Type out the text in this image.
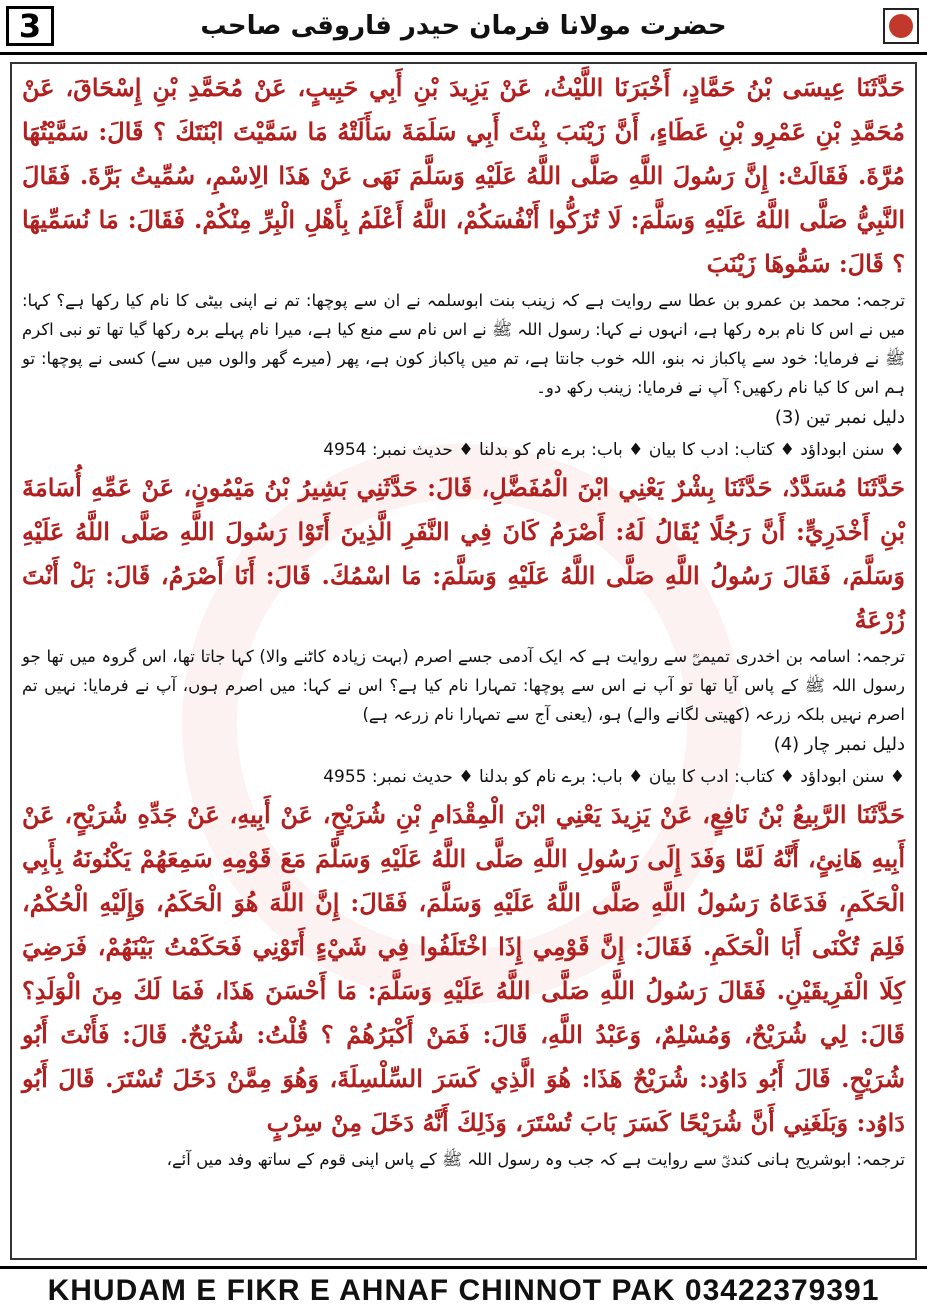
3	حضرت مولانا فرمان حیدر فاروقی صاحب

حَدَّثَنَا عِيسَى بْنُ حَمَّادٍ، أَخْبَرَنَا اللَّيْثُ، عَنْ يَزِيدَ بْنِ أَبِي حَبِيبٍ، عَنْ مُحَمَّدِ بْنِ إِسْحَاقَ، عَنْ مُحَمَّدِ بْنِ عَمْرِو بْنِ عَطَاءٍ، أَنَّ زَيْنَبَ بِنْتَ أَبِي سَلَمَةَ سَأَلَتْهُ مَا سَمَّيْتَ ابْنَتَكَ ؟ قَالَ: سَمَّيْتُهَا مُرَّةَ. فَقَالَتْ: إِنَّ رَسُولَ اللَّهِ صَلَّى اللَّهُ عَلَيْهِ وَسَلَّمَ نَهَى عَنْ هَذَا الِاسْمِ، سُمِّيتُ بَرَّةَ. فَقَالَ النَّبِيُّ صَلَّى اللَّهُ عَلَيْهِ وَسَلَّمَ: لَا تُزَكُّوا أَنْفُسَكُمْ، اللَّهُ أَعْلَمُ بِأَهْلِ الْبِرِّ مِنْكُمْ. فَقَالَ: مَا نُسَمِّيهَا ؟ قَالَ: سَمُّوهَا زَيْنَبَ

ترجمہ: محمد بن عمرو بن عطا سے روایت ہے کہ زینب بنت ابوسلمہ نے ان سے پوچھا: تم نے اپنی بیٹی کا نام کیا رکھا ہے؟ کہا: میں نے اس کا نام برہ رکھا ہے، انہوں نے کہا: رسول اللہ ﷺ نے اس نام سے منع کیا ہے، میرا نام پہلے برہ رکھا گیا تھا تو نبی اکرم ﷺ نے فرمایا: خود سے پاکباز نہ بنو، اللہ خوب جانتا ہے، تم میں پاکباز کون ہے، پھر (میرے گھر والوں میں سے) کسی نے پوچھا: تو ہم اس کا کیا نام رکھیں؟ آپ نے فرمایا: زینب رکھ دو۔

دلیل نمبر تین (3)

♦ سنن ابوداؤد ♦ کتاب: ادب کا بیان ♦ باب: برے نام کو بدلنا ♦ حدیث نمبر: 4954

حَدَّثَنَا مُسَدَّدٌ، حَدَّثَنَا بِشْرٌ يَعْنِي ابْنَ الْمُفَضَّلِ، قَالَ: حَدَّثَنِي بَشِيرُ بْنُ مَيْمُونٍ، عَنْ عَمِّهِ أُسَامَةَ بْنِ أَخْدَرِيٍّ: أَنَّ رَجُلًا يُقَالُ لَهُ: أَصْرَمُ كَانَ فِي النَّفَرِ الَّذِينَ أَتَوْا رَسُولَ اللَّهِ صَلَّى اللَّهُ عَلَيْهِ وَسَلَّمَ، فَقَالَ رَسُولُ اللَّهِ صَلَّى اللَّهُ عَلَيْهِ وَسَلَّمَ: مَا اسْمُكَ. قَالَ: أَنَا أَصْرَمُ، قَالَ: بَلْ أَنْتَ زُرْعَةُ

ترجمہ: اسامہ بن اخدری تمیمیؓ سے روایت ہے کہ ایک آدمی جسے اصرم (بہت زیادہ کاٹنے والا) کہا جاتا تھا، اس گروہ میں تھا جو رسول اللہ ﷺ کے پاس آیا تھا تو آپ نے اس سے پوچھا: تمہارا نام کیا ہے؟ اس نے کہا: میں اصرم ہوں، آپ نے فرمایا: نہیں تم اصرم نہیں بلکہ زرعہ (کھیتی لگانے والے) ہو، (یعنی آج سے تمہارا نام زرعہ ہے)

دلیل نمبر چار (4)

♦ سنن ابوداؤد ♦ کتاب: ادب کا بیان ♦ باب: برے نام کو بدلنا ♦ حدیث نمبر: 4955

حَدَّثَنَا الرَّبِيعُ بْنُ نَافِعٍ، عَنْ يَزِيدَ يَعْنِي ابْنَ الْمِقْدَامِ بْنِ شُرَيْحٍ، عَنْ أَبِيهِ، عَنْ جَدِّهِ شُرَيْحٍ، عَنْ أَبِيهِ هَانِئٍ، أَنَّهُ لَمَّا وَفَدَ إِلَى رَسُولِ اللَّهِ صَلَّى اللَّهُ عَلَيْهِ وَسَلَّمَ مَعَ قَوْمِهِ سَمِعَهُمْ يَكْنُونَهُ بِأَبِي الْحَكَمِ، فَدَعَاهُ رَسُولُ اللَّهِ صَلَّى اللَّهُ عَلَيْهِ وَسَلَّمَ، فَقَالَ: إِنَّ اللَّهَ هُوَ الْحَكَمُ، وَإِلَيْهِ الْحُكْمُ، فَلِمَ تُكْنَى أَبَا الْحَكَمِ. فَقَالَ: إِنَّ قَوْمِي إِذَا اخْتَلَفُوا فِي شَيْءٍ أَتَوْنِي فَحَكَمْتُ بَيْنَهُمْ، فَرَضِيَ كِلَا الْفَرِيقَيْنِ. فَقَالَ رَسُولُ اللَّهِ صَلَّى اللَّهُ عَلَيْهِ وَسَلَّمَ: مَا أَحْسَنَ هَذَا، فَمَا لَكَ مِنَ الْوَلَدِ؟ قَالَ: لِي شُرَيْحٌ، وَمُسْلِمٌ، وَعَبْدُ اللَّهِ، قَالَ: فَمَنْ أَكْبَرُهُمْ ؟ قُلْتُ: شُرَيْحٌ. قَالَ: فَأَنْتَ أَبُو شُرَيْحٍ. قَالَ أَبُو دَاوُد: شُرَيْحٌ هَذَا: هُوَ الَّذِي كَسَرَ السِّلْسِلَةَ، وَهُوَ مِمَّنْ دَخَلَ تُسْتَرَ. قَالَ أَبُو دَاوُد: وَبَلَغَنِي أَنَّ شُرَيْحًا كَسَرَ بَابَ تُسْتَرَ، وَذَلِكَ أَنَّهُ دَخَلَ مِنْ سِرْبٍ

ترجمہ: ابوشریح ہانی کندیؓ سے روایت ہے کہ جب وہ رسول اللہ ﷺ کے پاس اپنی قوم کے ساتھ وفد میں آئے،

KHUDAM E FIKR E AHNAF CHINNOT PAK 03422379391
